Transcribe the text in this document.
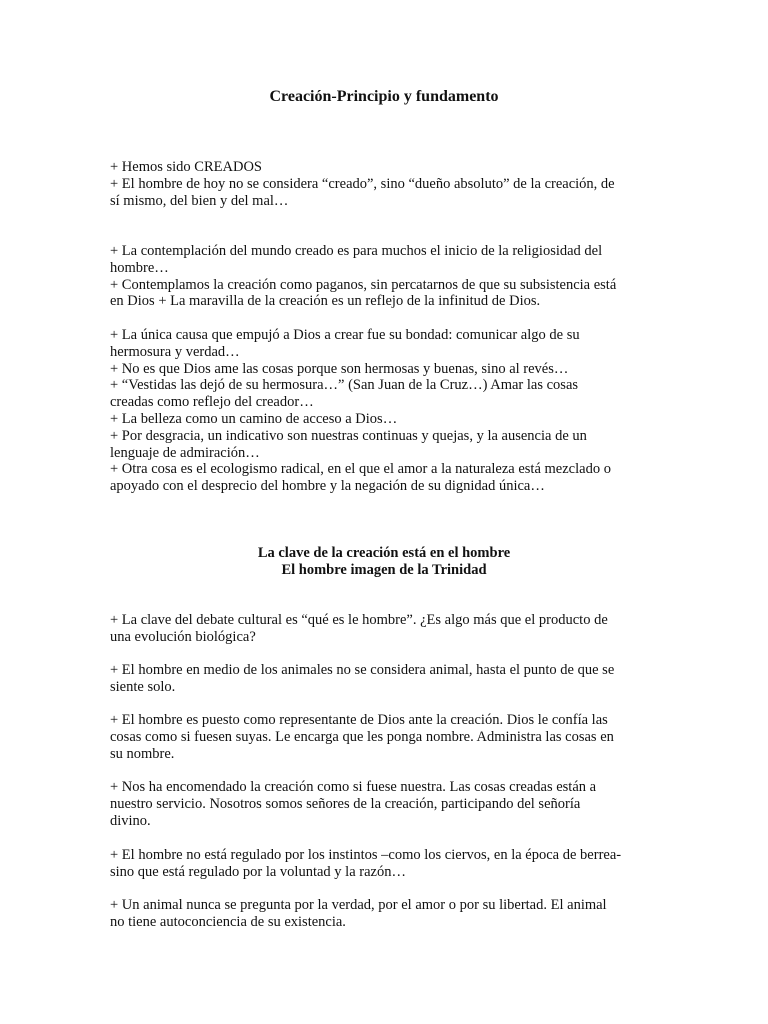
Creación-Principio y fundamento
+ Hemos sido CREADOS
+ El hombre de hoy no se considera “creado”, sino “dueño absoluto” de la creación, de
sí mismo, del bien y del mal…
+ La contemplación del mundo creado es para muchos el inicio de la religiosidad del
hombre…
+ Contemplamos la creación como paganos, sin percatarnos de que su subsistencia está
en Dios + La maravilla de la creación es un reflejo de la infinitud de Dios.
+ La única causa que empujó a Dios a crear fue su bondad: comunicar algo de su
hermosura y verdad…
+ No es que Dios ame las cosas porque son hermosas y buenas, sino al revés…
+ “Vestidas las dejó de su hermosura…” (San Juan de la Cruz…) Amar las cosas
creadas como reflejo del creador…
+ La belleza como un camino de acceso a Dios…
+ Por desgracia, un indicativo son nuestras continuas y quejas, y la ausencia de un
lenguaje de admiración…
+ Otra cosa es el ecologismo radical, en el que el amor a la naturaleza está mezclado o
apoyado con el desprecio del hombre y la negación de su dignidad única…
La clave de la creación está en el hombre
El hombre imagen de la Trinidad
+ La clave del debate cultural es “qué es le hombre”. ¿Es algo más que el producto de
una evolución biológica?
+ El hombre en medio de los animales no se considera animal, hasta el punto de que se
siente solo.
+ El hombre es puesto como representante de Dios ante la creación. Dios le confía las
cosas como si fuesen suyas. Le encarga que les ponga nombre. Administra las cosas en
su nombre.
+ Nos ha encomendado la creación como si fuese nuestra. Las cosas creadas están a
nuestro servicio. Nosotros somos señores de la creación, participando del señoría
divino.
+ El hombre no está regulado por los instintos –como los ciervos, en la época de berrea-
sino que está regulado por la voluntad y la razón…
+ Un animal nunca se pregunta por la verdad, por el amor o por su libertad. El animal
no tiene autoconciencia de su existencia.
